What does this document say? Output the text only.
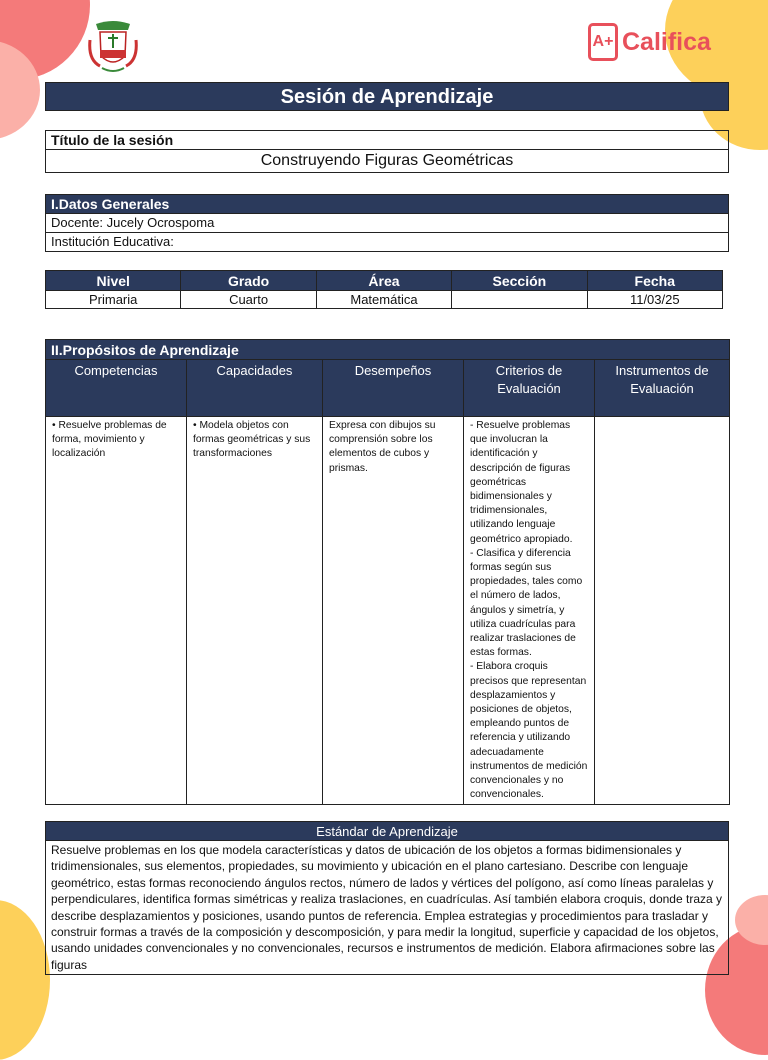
A+ Califica
Sesión de Aprendizaje
Título de la sesión
Construyendo Figuras Geométricas
I.Datos Generales
Docente: Jucely Ocrospoma
Institución Educativa:
Nivel	Grado	Área	Sección	Fecha
Primaria	Cuarto	Matemática		11/03/25
II.Propósitos de Aprendizaje				
Competencias	Capacidades	Desempeños	Criterios de Evaluación	Instrumentos de Evaluación
• Resuelve problemas de forma, movimiento y localización	• Modela objetos con formas geométricas y sus transformaciones	Expresa con dibujos su comprensión sobre los elementos de cubos y prismas.	- Resuelve problemas que involucran la identificación y descripción de figuras geométricas bidimensionales y tridimensionales, utilizando lenguaje geométrico apropiado.
- Clasifica y diferencia formas según sus propiedades, tales como el número de lados, ángulos y simetría, y utiliza cuadrículas para realizar traslaciones de estas formas.
- Elabora croquis precisos que representan desplazamientos y posiciones de objetos, empleando puntos de referencia y utilizando adecuadamente instrumentos de medición convencionales y no convencionales.	
Estándar de Aprendizaje
Resuelve problemas en los que modela características y datos de ubicación de los objetos a formas bidimensionales y tridimensionales, sus elementos, propiedades, su movimiento y ubicación en el plano cartesiano. Describe con lenguaje geométrico, estas formas reconociendo ángulos rectos, número de lados y vértices del polígono, así como líneas paralelas y perpendiculares, identifica formas simétricas y realiza traslaciones, en cuadrículas. Así también elabora croquis, donde traza y describe desplazamientos y posiciones, usando puntos de referencia. Emplea estrategias y procedimientos para trasladar y construir formas a través de la composición y descomposición, y para medir la longitud, superficie y capacidad de los objetos, usando unidades convencionales y no convencionales, recursos e instrumentos de medición. Elabora afirmaciones sobre las figuras
